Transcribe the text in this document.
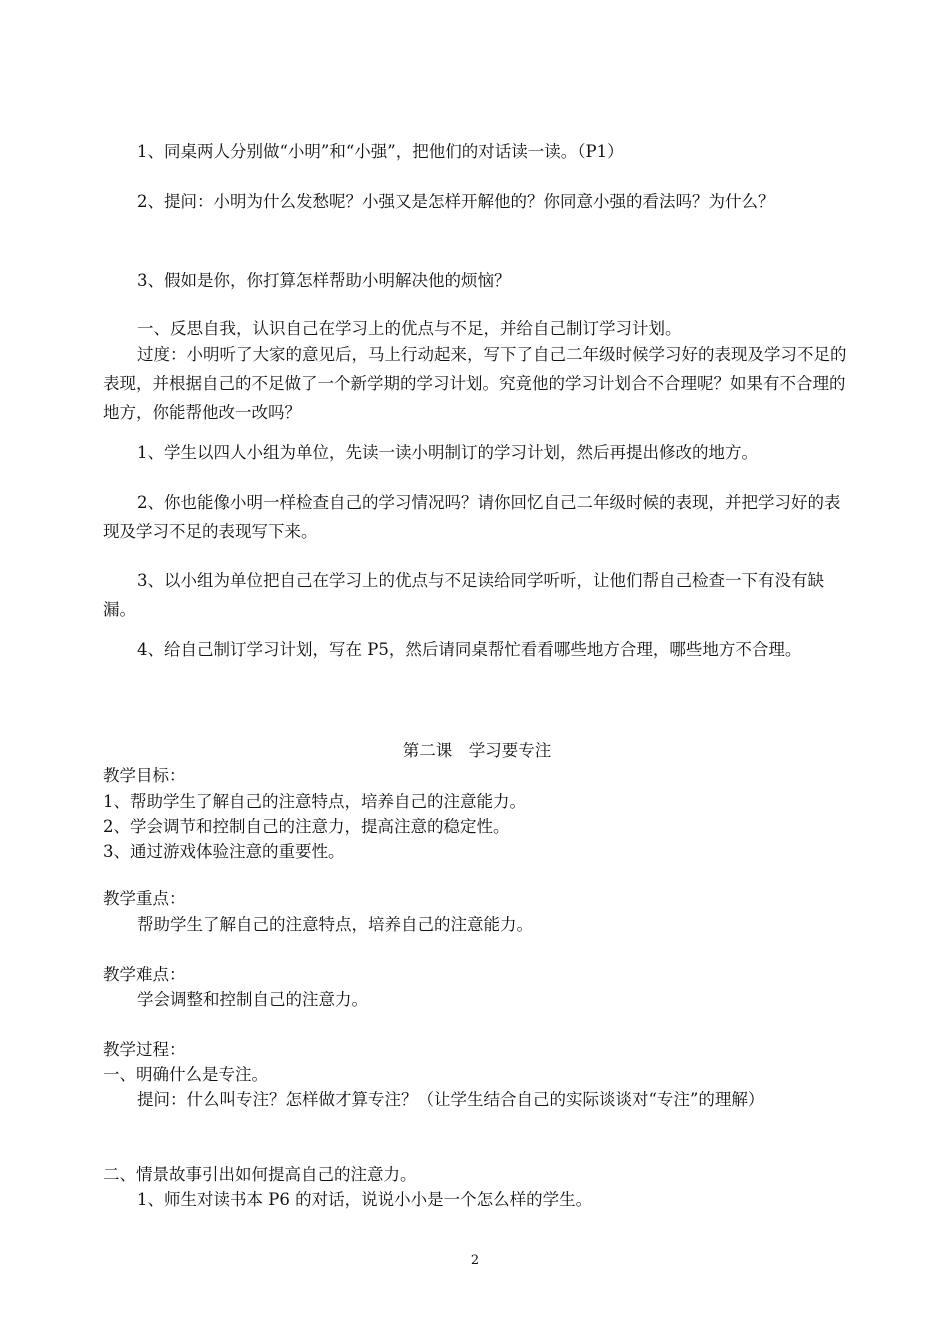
1、同桌两人分别做“小明”和“小强”，把他们的对话读一读。（P1）

2、提问：小明为什么发愁呢？小强又是怎样开解他的？你同意小强的看法吗？为什么？

3、假如是你，你打算怎样帮助小明解决他的烦恼？

一、反思自我，认识自己在学习上的优点与不足，并给自己制订学习计划。

过度：小明听了大家的意见后，马上行动起来，写下了自己二年级时候学习好的表现及学习不足的表现，并根据自己的不足做了一个新学期的学习计划。究竟他的学习计划合不合理呢？如果有不合理的地方，你能帮他改一改吗？

1、学生以四人小组为单位，先读一读小明制订的学习计划，然后再提出修改的地方。

2、你也能像小明一样检查自己的学习情况吗？请你回忆自己二年级时候的表现，并把学习好的表现及学习不足的表现写下来。

3、以小组为单位把自己在学习上的优点与不足读给同学听听，让他们帮自己检查一下有没有缺漏。

4、给自己制订学习计划，写在 P5，然后请同桌帮忙看看哪些地方合理，哪些地方不合理。

第二课　学习要专注

教学目标：

1、帮助学生了解自己的注意特点，培养自己的注意能力。

2、学会调节和控制自己的注意力，提高注意的稳定性。

3、通过游戏体验注意的重要性。

教学重点：

帮助学生了解自己的注意特点，培养自己的注意能力。

教学难点：

学会调整和控制自己的注意力。

教学过程：

一、明确什么是专注。

提问：什么叫专注？怎样做才算专注？（让学生结合自己的实际谈谈对“专注”的理解）

二、情景故事引出如何提高自己的注意力。

1、师生对读书本 P6 的对话，说说小小是一个怎么样的学生。

2
